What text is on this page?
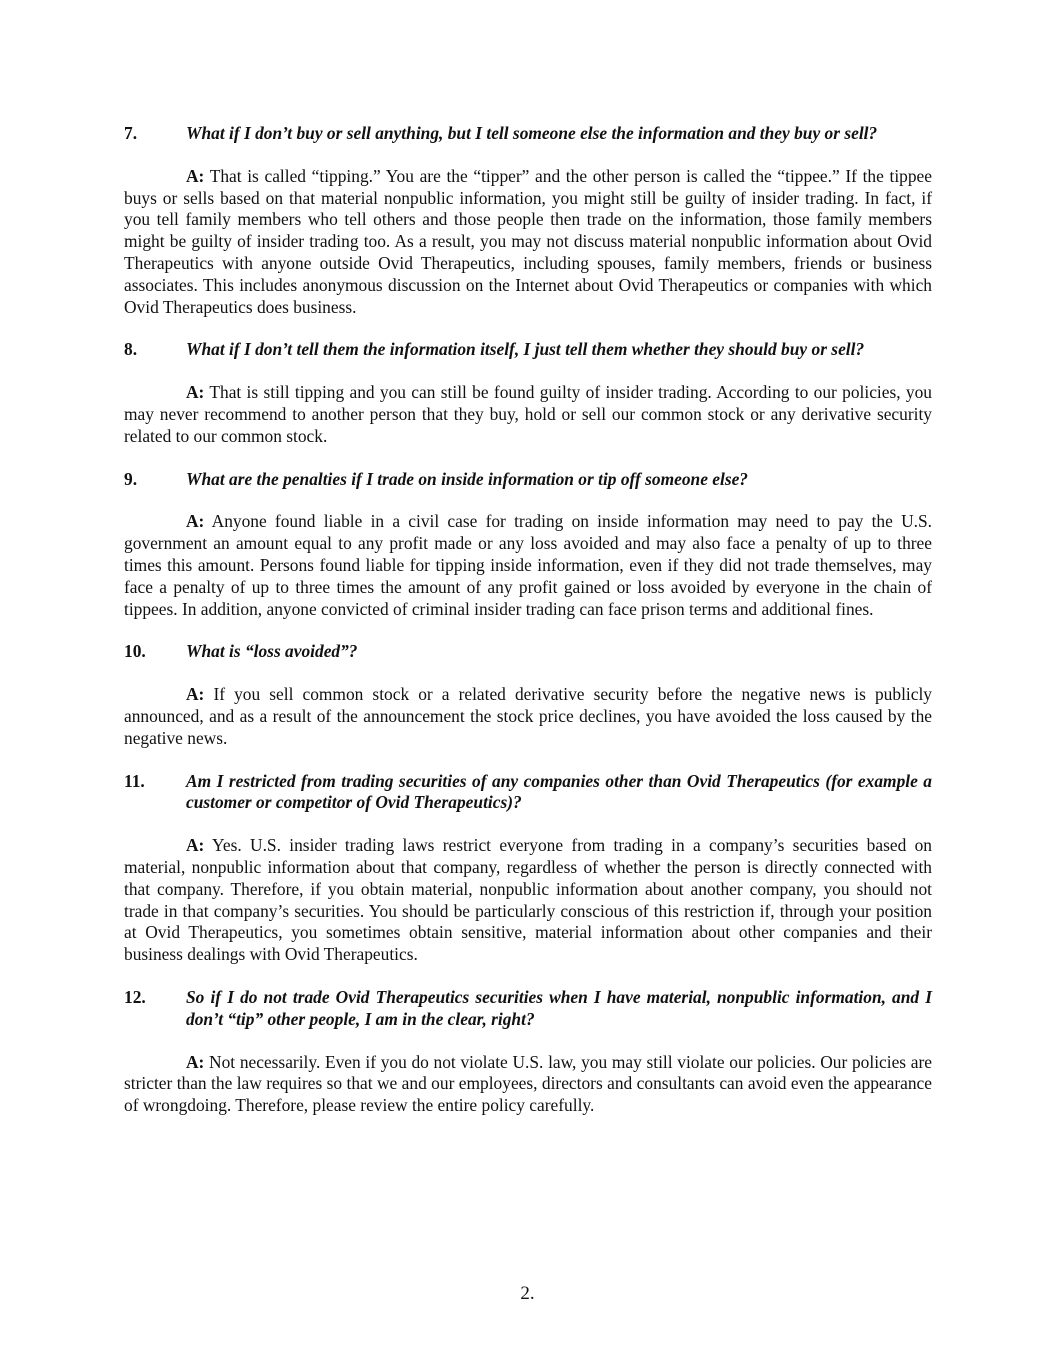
7.	What if I don’t buy or sell anything, but I tell someone else the information and they buy or sell?

A: That is called “tipping.” You are the “tipper” and the other person is called the “tippee.” If the tippee buys or sells based on that material nonpublic information, you might still be guilty of insider trading. In fact, if you tell family members who tell others and those people then trade on the information, those family members might be guilty of insider trading too. As a result, you may not discuss material nonpublic information about Ovid Therapeutics with anyone outside Ovid Therapeutics, including spouses, family members, friends or business associates. This includes anonymous discussion on the Internet about Ovid Therapeutics or companies with which Ovid Therapeutics does business.

8.	What if I don’t tell them the information itself, I just tell them whether they should buy or sell?

A: That is still tipping and you can still be found guilty of insider trading. According to our policies, you may never recommend to another person that they buy, hold or sell our common stock or any derivative security related to our common stock.

9.	What are the penalties if I trade on inside information or tip off someone else?

A: Anyone found liable in a civil case for trading on inside information may need to pay the U.S. government an amount equal to any profit made or any loss avoided and may also face a penalty of up to three times this amount. Persons found liable for tipping inside information, even if they did not trade themselves, may face a penalty of up to three times the amount of any profit gained or loss avoided by everyone in the chain of tippees. In addition, anyone convicted of criminal insider trading can face prison terms and additional fines.

10.	What is “loss avoided”?

A: If you sell common stock or a related derivative security before the negative news is publicly announced, and as a result of the announcement the stock price declines, you have avoided the loss caused by the negative news.

11.	Am I restricted from trading securities of any companies other than Ovid Therapeutics (for example a customer or competitor of Ovid Therapeutics)?

A: Yes. U.S. insider trading laws restrict everyone from trading in a company’s securities based on material, nonpublic information about that company, regardless of whether the person is directly connected with that company. Therefore, if you obtain material, nonpublic information about another company, you should not trade in that company’s securities. You should be particularly conscious of this restriction if, through your position at Ovid Therapeutics, you sometimes obtain sensitive, material information about other companies and their business dealings with Ovid Therapeutics.

12.	So if I do not trade Ovid Therapeutics securities when I have material, nonpublic information, and I don’t “tip” other people, I am in the clear, right?

A: Not necessarily. Even if you do not violate U.S. law, you may still violate our policies. Our policies are stricter than the law requires so that we and our employees, directors and consultants can avoid even the appearance of wrongdoing. Therefore, please review the entire policy carefully.

2.
